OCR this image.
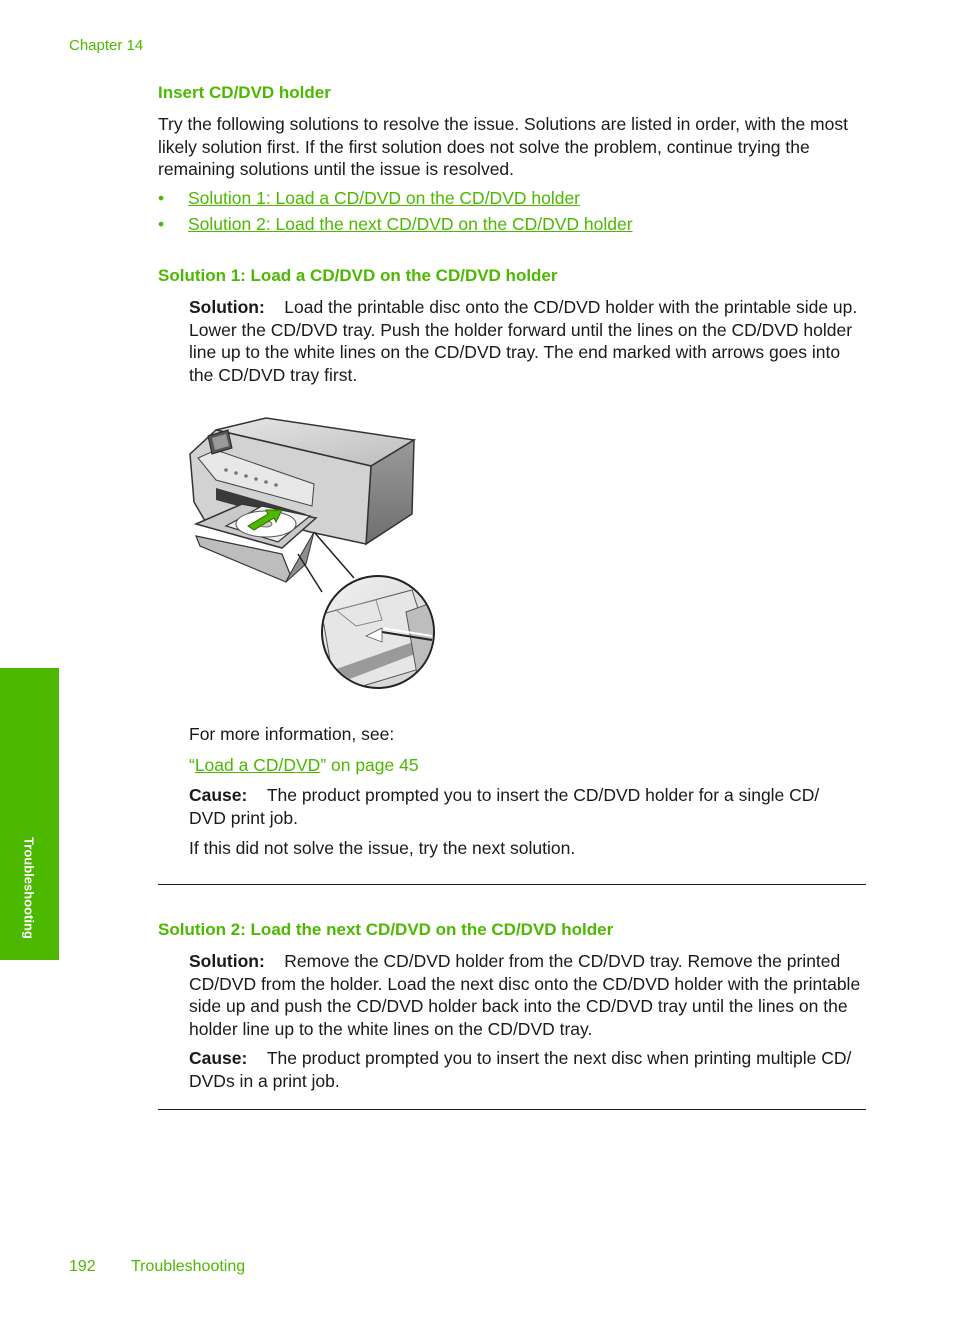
Chapter 14
Insert CD/DVD holder
Try the following solutions to resolve the issue. Solutions are listed in order, with the most likely solution first. If the first solution does not solve the problem, continue trying the remaining solutions until the issue is resolved.
• Solution 1: Load a CD/DVD on the CD/DVD holder
• Solution 2: Load the next CD/DVD on the CD/DVD holder
Solution 1: Load a CD/DVD on the CD/DVD holder
Solution: Load the printable disc onto the CD/DVD holder with the printable side up. Lower the CD/DVD tray. Push the holder forward until the lines on the CD/DVD holder line up to the white lines on the CD/DVD tray. The end marked with arrows goes into the CD/DVD tray first.
For more information, see:
“Load a CD/DVD” on page 45
Cause: The product prompted you to insert the CD/DVD holder for a single CD/ DVD print job.
If this did not solve the issue, try the next solution.
Solution 2: Load the next CD/DVD on the CD/DVD holder
Solution: Remove the CD/DVD holder from the CD/DVD tray. Remove the printed CD/DVD from the holder. Load the next disc onto the CD/DVD holder with the printable side up and push the CD/DVD holder back into the CD/DVD tray until the lines on the holder line up to the white lines on the CD/DVD tray.
Cause: The product prompted you to insert the next disc when printing multiple CD/ DVDs in a print job.
Troubleshooting
192 Troubleshooting
